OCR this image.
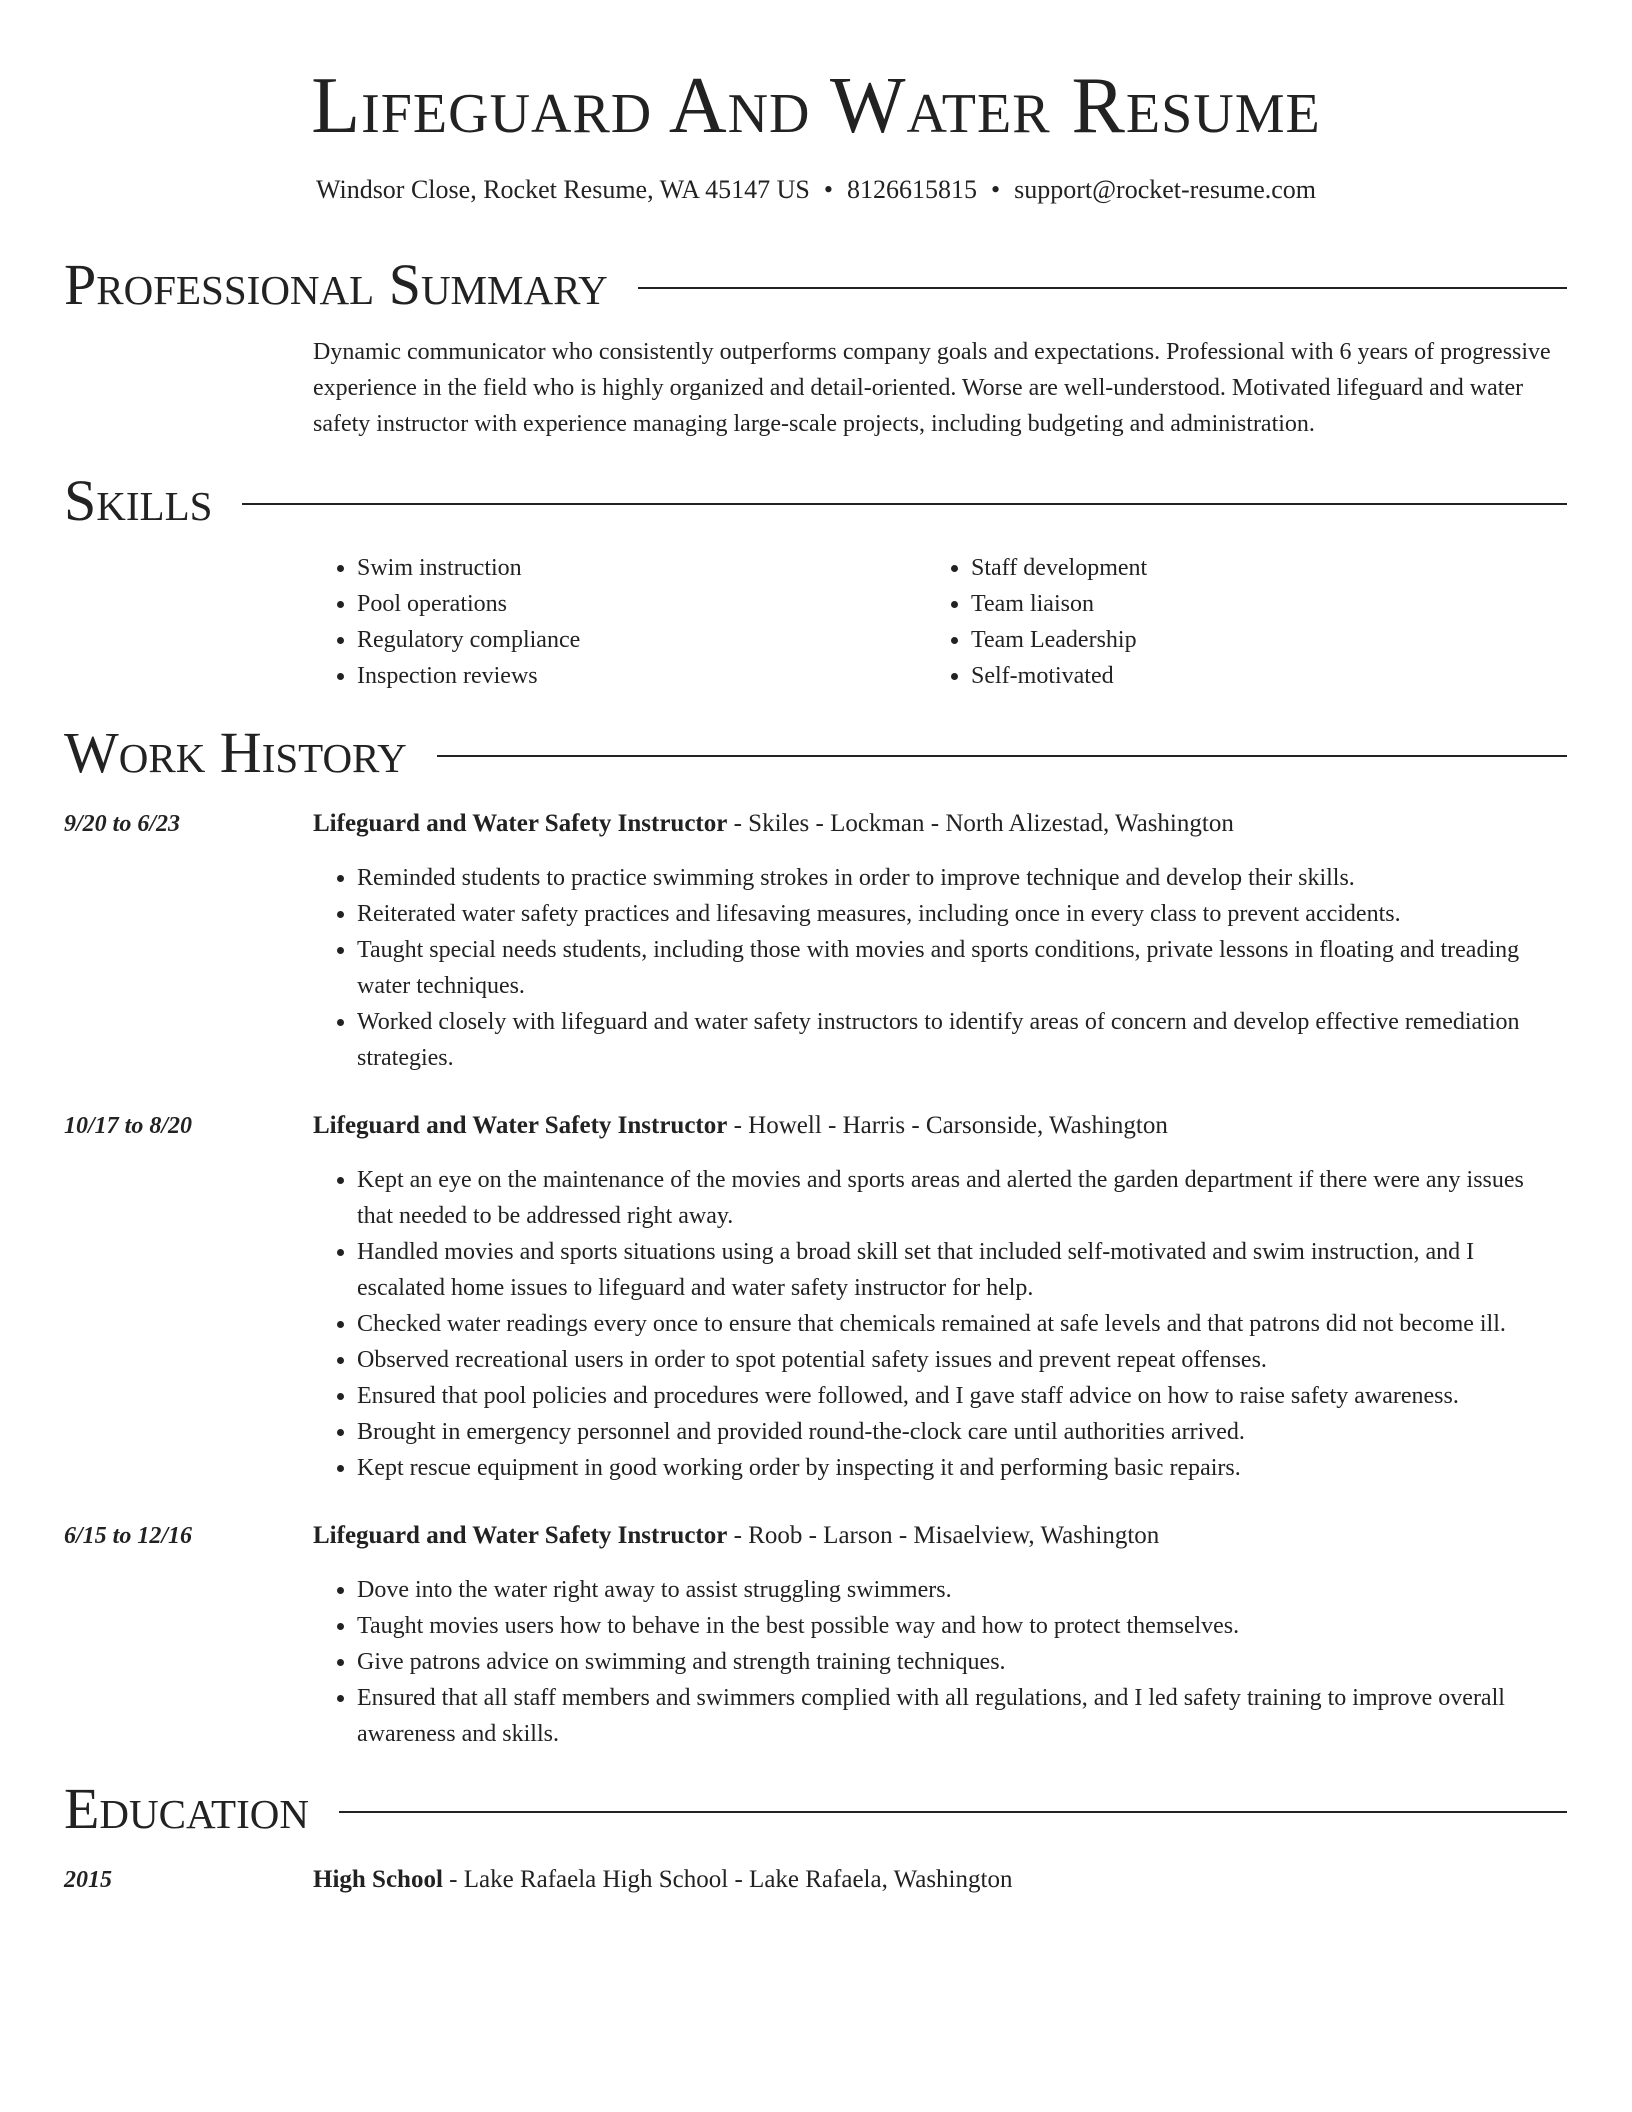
Lifeguard And Water Resume
Windsor Close, Rocket Resume, WA 45147 US • 8126615815 • support@rocket-resume.com
Professional Summary

Dynamic communicator who consistently outperforms company goals and expectations. Professional with 6 years of progressive experience in the field who is highly organized and detail-oriented. Worse are well-understood. Motivated lifeguard and water safety instructor with experience managing large-scale projects, including budgeting and administration.

Skills
• Swim instruction
• Pool operations
• Regulatory compliance
• Inspection reviews
• Staff development
• Team liaison
• Team Leadership
• Self-motivated
Work History
9/20 to 6/23	Lifeguard and Water Safety Instructor - Skiles - Lockman - North Alizestad, Washington

• Reminded students to practice swimming strokes in order to improve technique and develop their skills.
• Reiterated water safety practices and lifesaving measures, including once in every class to prevent accidents.
• Taught special needs students, including those with movies and sports conditions, private lessons in floating and treading water techniques.
• Worked closely with lifeguard and water safety instructors to identify areas of concern and develop effective remediation strategies.
10/17 to 8/20	Lifeguard and Water Safety Instructor - Howell - Harris - Carsonside, Washington

• Kept an eye on the maintenance of the movies and sports areas and alerted the garden department if there were any issues that needed to be addressed right away.
• Handled movies and sports situations using a broad skill set that included self-motivated and swim instruction, and I escalated home issues to lifeguard and water safety instructor for help.
• Checked water readings every once to ensure that chemicals remained at safe levels and that patrons did not become ill.
• Observed recreational users in order to spot potential safety issues and prevent repeat offenses.
• Ensured that pool policies and procedures were followed, and I gave staff advice on how to raise safety awareness.
• Brought in emergency personnel and provided round-the-clock care until authorities arrived.
• Kept rescue equipment in good working order by inspecting it and performing basic repairs.
6/15 to 12/16	Lifeguard and Water Safety Instructor - Roob - Larson - Misaelview, Washington

• Dove into the water right away to assist struggling swimmers.
• Taught movies users how to behave in the best possible way and how to protect themselves.
• Give patrons advice on swimming and strength training techniques.
• Ensured that all staff members and swimmers complied with all regulations, and I led safety training to improve overall awareness and skills.
Education
2015	High School - Lake Rafaela High School - Lake Rafaela, Washington
